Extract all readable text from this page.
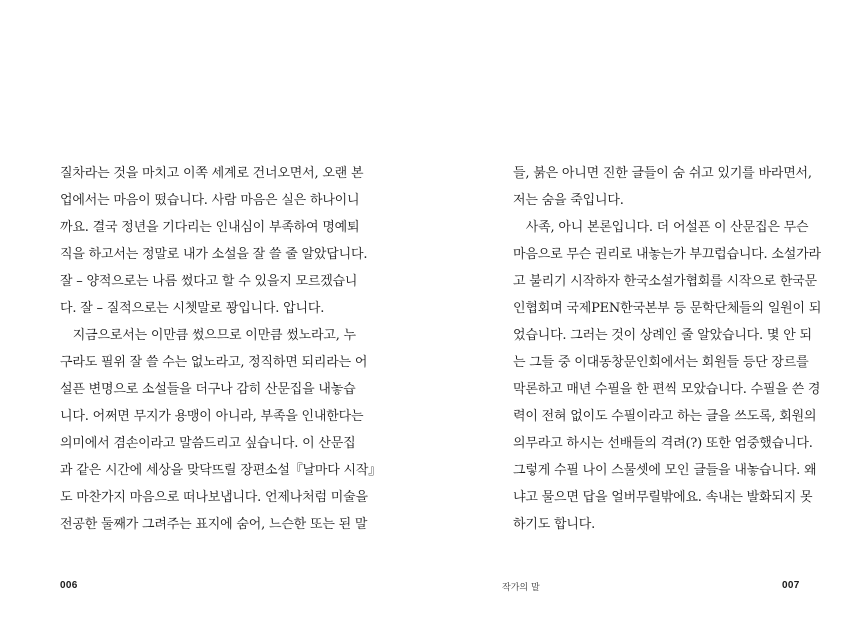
질차라는 것을 마치고 이쪽 세계로 건너오면서, 오랜 본
업에서는 마음이 떴습니다. 사람 마음은 실은 하나이니
까요. 결국 정년을 기다리는 인내심이 부족하여 명예퇴
직을 하고서는 정말로 내가 소설을 잘 쓸 줄 알았답니다.
잘 – 양적으로는 나름 썼다고 할 수 있을지 모르겠습니
다. 잘 – 질적으로는 시쳇말로 꽝입니다. 압니다.
　지금으로서는 이만큼 썼으므로 이만큼 썼노라고, 누
구라도 필위 잘 쓸 수는 없노라고, 정직하면 되리라는 어
설픈 변명으로 소설들을 더구나 감히 산문집을 내놓습
니다. 어쩌면 무지가 용맹이 아니라, 부족을 인내한다는
의미에서 겸손이라고 말씀드리고 싶습니다. 이 산문집
과 같은 시간에 세상을 맞닥뜨릴 장편소설『날마다 시작』
도 마찬가지 마음으로 떠나보냅니다. 언제나처럼 미술을
전공한 둘째가 그려주는 표지에 숨어, 느슨한 또는 된 말
006
들, 붉은 아니면 진한 글들이 숨 쉬고 있기를 바라면서,
저는 숨을 죽입니다.
　사족, 아니 본론입니다. 더 어설픈 이 산문집은 무슨
마음으로 무슨 권리로 내놓는가 부끄럽습니다. 소설가라
고 불리기 시작하자 한국소설가협회를 시작으로 한국문
인협회며 국제PEN한국본부 등 문학단체들의 일원이 되
었습니다. 그러는 것이 상례인 줄 알았습니다. 몇 안 되
는 그들 중 이대동창문인회에서는 회원들 등단 장르를
막론하고 매년 수필을 한 편씩 모았습니다. 수필을 쓴 경
력이 전혀 없이도 수필이라고 하는 글을 쓰도록, 회원의
의무라고 하시는 선배들의 격려(?) 또한 엄중했습니다.
그렇게 수필 나이 스물셋에 모인 글들을 내놓습니다. 왜
냐고 물으면 답을 얼버무릴밖에요. 속내는 발화되지 못
하기도 합니다.
작가의 말	007
